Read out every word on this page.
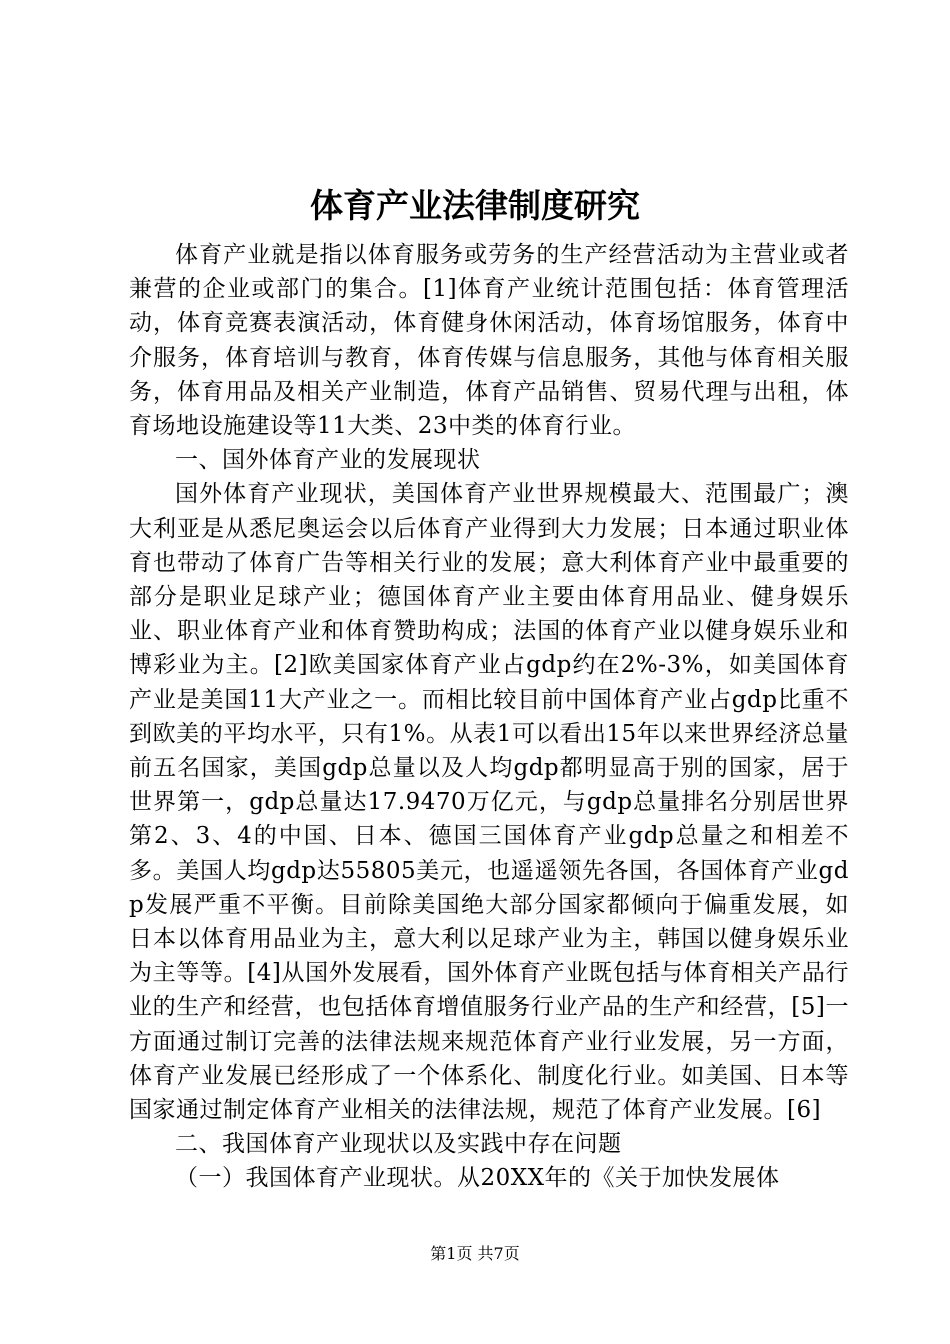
体育产业法律制度研究

体育产业就是指以体育服务或劳务的生产经营活动为主营业或者兼营的企业或部门的集合。[1]体育产业统计范围包括：体育管理活动，体育竞赛表演活动，体育健身休闲活动，体育场馆服务，体育中介服务，体育培训与教育，体育传媒与信息服务，其他与体育相关服务，体育用品及相关产业制造，体育产品销售、贸易代理与出租，体育场地设施建设等11大类、23中类的体育行业。

一、国外体育产业的发展现状

国外体育产业现状，美国体育产业世界规模最大、范围最广；澳大利亚是从悉尼奥运会以后体育产业得到大力发展；日本通过职业体育也带动了体育广告等相关行业的发展；意大利体育产业中最重要的部分是职业足球产业；德国体育产业主要由体育用品业、健身娱乐业、职业体育产业和体育赞助构成；法国的体育产业以健身娱乐业和博彩业为主。[2]欧美国家体育产业占gdp约在2%-3%，如美国体育产业是美国11大产业之一。而相比较目前中国体育产业占gdp比重不到欧美的平均水平，只有1%。从表1可以看出15年以来世界经济总量前五名国家，美国gdp总量以及人均gdp都明显高于别的国家，居于世界第一，gdp总量达17.9470万亿元，与gdp总量排名分别居世界第2、3、4的中国、日本、德国三国体育产业gdp总量之和相差不多。美国人均gdp达55805美元，也遥遥领先各国，各国体育产业gdp发展严重不平衡。目前除美国绝大部分国家都倾向于偏重发展，如日本以体育用品业为主，意大利以足球产业为主，韩国以健身娱乐业为主等等。[4]从国外发展看，国外体育产业既包括与体育相关产品行业的生产和经营，也包括体育增值服务行业产品的生产和经营，[5]一方面通过制订完善的法律法规来规范体育产业行业发展，另一方面，体育产业发展已经形成了一个体系化、制度化行业。如美国、日本等国家通过制定体育产业相关的法律法规，规范了体育产业发展。[6]

二、我国体育产业现状以及实践中存在问题

（一）我国体育产业现状。从20XX年的《关于加快发展体

第1页 共7页
